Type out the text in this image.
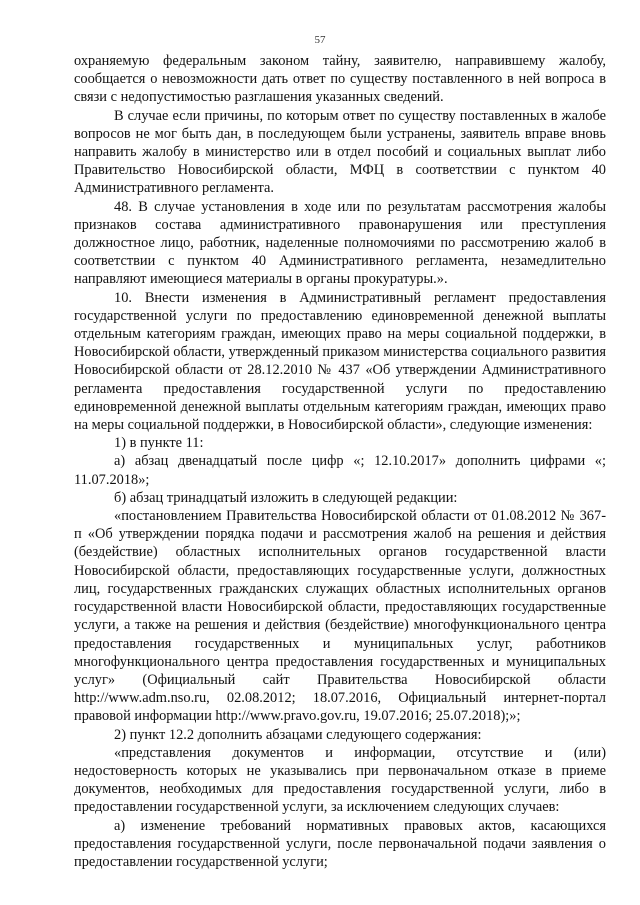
57

охраняемую федеральным законом тайну, заявителю, направившему жалобу, сообщается о невозможности дать ответ по существу поставленного в ней вопроса в связи с недопустимостью разглашения указанных сведений.

В случае если причины, по которым ответ по существу поставленных в жалобе вопросов не мог быть дан, в последующем были устранены, заявитель вправе вновь направить жалобу в министерство или в отдел пособий и социальных выплат либо Правительство Новосибирской области, МФЦ в соответствии с пунктом 40 Административного регламента.

48. В случае установления в ходе или по результатам рассмотрения жалобы признаков состава административного правонарушения или преступления должностное лицо, работник, наделенные полномочиями по рассмотрению жалоб в соответствии с пунктом 40 Административного регламента, незамедлительно направляют имеющиеся материалы в органы прокуратуры.».

10. Внести изменения в Административный регламент предоставления государственной услуги по предоставлению единовременной денежной выплаты отдельным категориям граждан, имеющих право на меры социальной поддержки, в Новосибирской области, утвержденный приказом министерства социального развития Новосибирской области от 28.12.2010 № 437 «Об утверждении Административного регламента предоставления государственной услуги по предоставлению единовременной денежной выплаты отдельным категориям граждан, имеющих право на меры социальной поддержки, в Новосибирской области», следующие изменения:

1) в пункте 11:

а) абзац двенадцатый после цифр «; 12.10.2017» дополнить цифрами «; 11.07.2018»;

б) абзац тринадцатый изложить в следующей редакции:

«постановлением Правительства Новосибирской области от 01.08.2012 № 367-п «Об утверждении порядка подачи и рассмотрения жалоб на решения и действия (бездействие) областных исполнительных органов государственной власти Новосибирской области, предоставляющих государственные услуги, должностных лиц, государственных гражданских служащих областных исполнительных органов государственной власти Новосибирской области, предоставляющих государственные услуги, а также на решения и действия (бездействие) многофункционального центра предоставления государственных и муниципальных услуг, работников многофункционального центра предоставления государственных и муниципальных услуг» (Официальный сайт Правительства Новосибирской области http://www.adm.nso.ru, 02.08.2012; 18.07.2016, Официальный интернет-портал правовой информации http://www.pravo.gov.ru, 19.07.2016; 25.07.2018);»;

2) пункт 12.2 дополнить абзацами следующего содержания:

«представления документов и информации, отсутствие и (или) недостоверность которых не указывались при первоначальном отказе в приеме документов, необходимых для предоставления государственной услуги, либо в предоставлении государственной услуги, за исключением следующих случаев:

а) изменение требований нормативных правовых актов, касающихся предоставления государственной услуги, после первоначальной подачи заявления о предоставлении государственной услуги;
